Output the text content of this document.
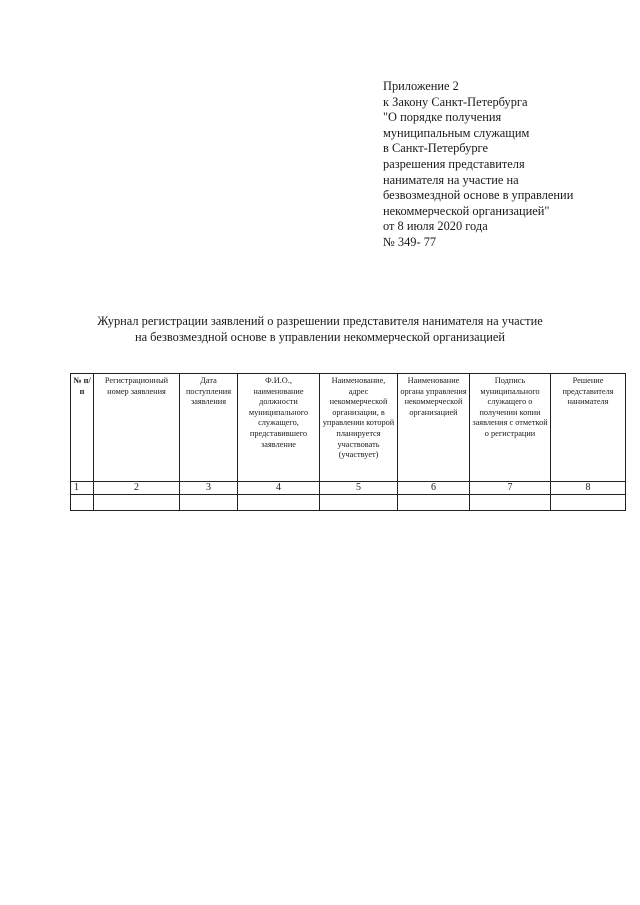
Приложение 2
к Закону Санкт-Петербурга
"О порядке получения
муниципальным служащим
в Санкт-Петербурге
разрешения представителя
нанимателя на участие на
безвозмездной основе в управлении
некоммерческой организацией"
от 8 июля 2020 года
№ 349- 77
Журнал регистрации заявлений о разрешении представителя нанимателя на участие
на безвозмездной основе в управлении некоммерческой организацией
№ п/п	Регистрационный номер заявления	Дата поступления заявления	Ф.И.О., наименование должности муниципального служащего, представившего заявление	Наименование, адрес некоммерческой организации, в управлении которой планируется участвовать (участвует)	Наименование органа управления некоммерческой организацией	Подпись муниципального служащего о получении копии заявления с отметкой о регистрации	Решение представителя нанимателя
1	2	3	4	5	6	7	8
